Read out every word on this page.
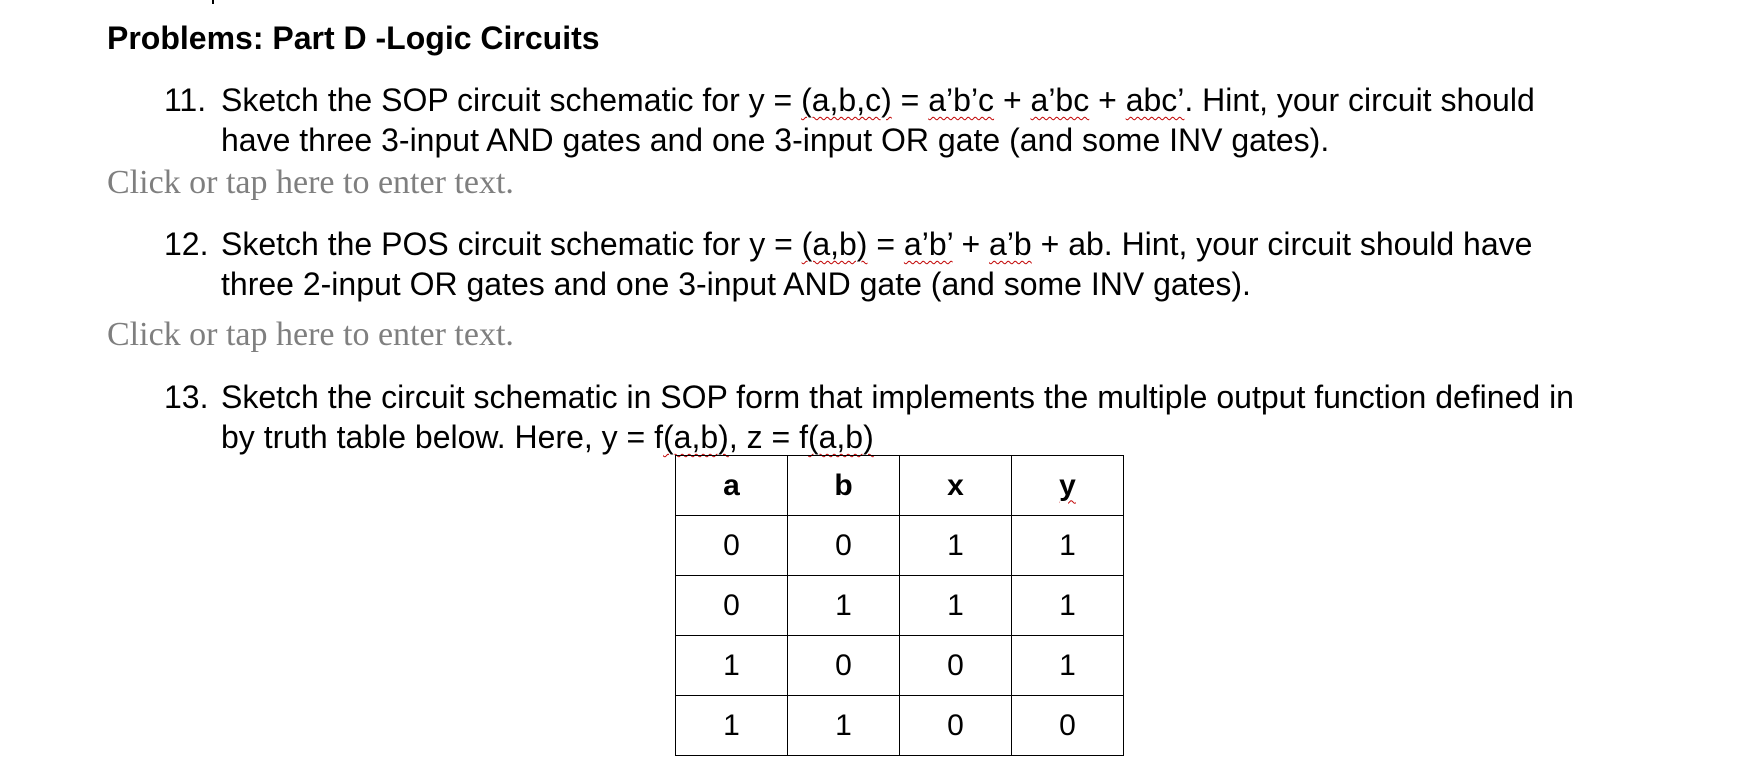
Problems: Part D -Logic Circuits
11. Sketch the SOP circuit schematic for y = (a,b,c) = a’b’c + a’bc + abc’. Hint, your circuit should
have three 3-input AND gates and one 3-input OR gate (and some INV gates).
Click or tap here to enter text.
12. Sketch the POS circuit schematic for y = (a,b) = a’b’ + a’b + ab. Hint, your circuit should have
three 2-input OR gates and one 3-input AND gate (and some INV gates).
Click or tap here to enter text.
13. Sketch the circuit schematic in SOP form that implements the multiple output function defined in
by truth table below. Here, y = f(a,b), z = f(a,b)
a	b	x	y
0	0	1	1
0	1	1	1
1	0	0	1
1	1	0	0
